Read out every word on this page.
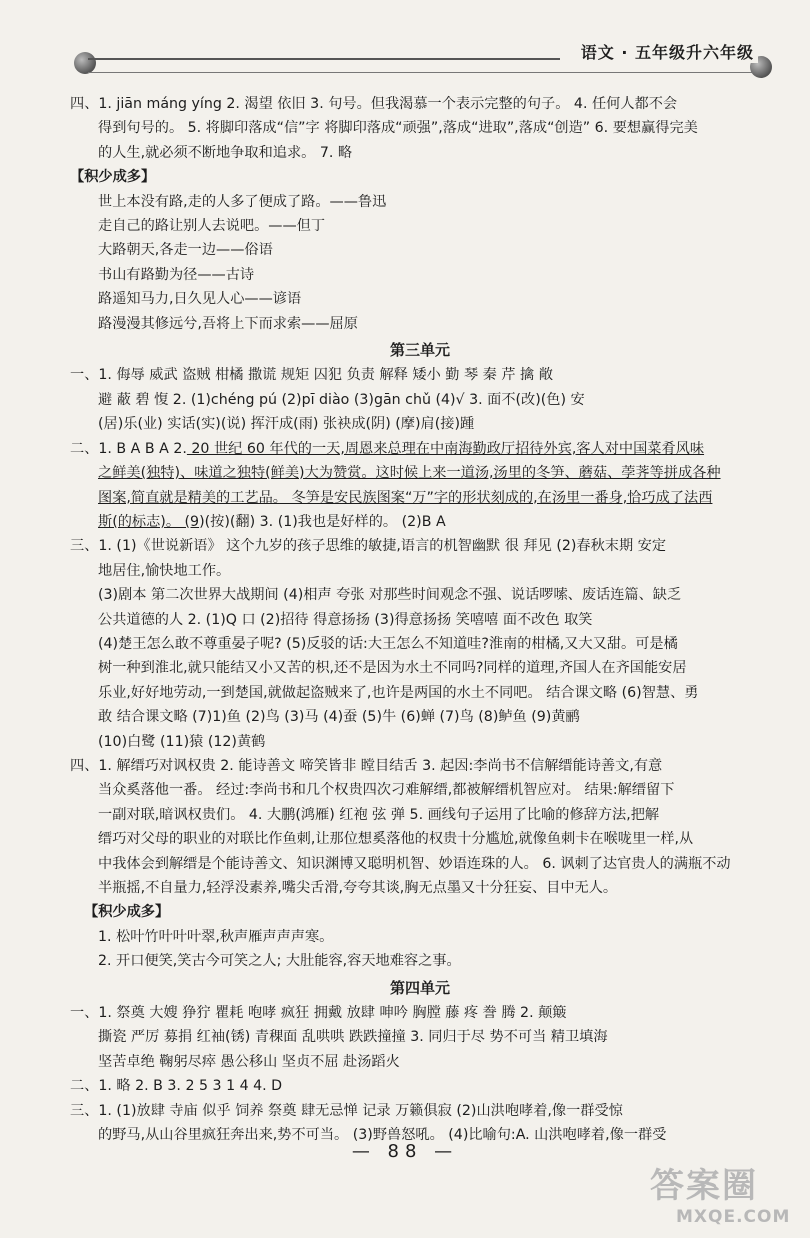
语文 · 五年级升六年级
四、1. jiān máng yíng 2. 渴望 依旧 3. 句号。但我渴慕一个表示完整的句子。 4. 任何人都不会
得到句号的。 5. 将脚印落成“信”字 将脚印落成“顽强”,落成“进取”,落成“创造” 6. 要想赢得完美
的人生,就必须不断地争取和追求。 7. 略
【积少成多】
世上本没有路,走的人多了便成了路。——鲁迅
走自己的路让别人去说吧。——但丁
大路朝天,各走一边——俗语
书山有路勤为径——古诗
路遥知马力,日久见人心——谚语
路漫漫其修远兮,吾将上下而求索——屈原
第三单元
一、1. 侮辱 威武 盗贼 柑橘 撒谎 规矩 囚犯 负责 解释 矮小 勤 琴 秦 芹 擒 敞
避 蔽 碧 愎 2. (1)chéng pú (2)pī diào (3)gān chǔ (4)√ 3. 面不(改)(色) 安
(居)乐(业) 实话(实)(说) 挥汗成(雨) 张袂成(阴) (摩)肩(接)踵
二、1. B A B A 2. 20 世纪 60 年代的一天,周恩来总理在中南海勤政厅招待外宾,客人对中国菜肴风味
之鲜美(独特)、味道之独特(鲜美)大为赞赏。这时候上来一道汤,汤里的冬笋、蘑菇、荸荠等拼成各种
图案,简直就是精美的工艺品。 冬笋是安民族图案“万”字的形状刻成的,在汤里一番身,恰巧成了法西
斯(的标志)。 (9)(按)(翻) 3. (1)我也是好样的。 (2)B A
三、1. (1)《世说新语》 这个九岁的孩子思维的敏捷,语言的机智幽默 很 拜见 (2)春秋末期 安定
地居住,愉快地工作。
(3)剧本 第二次世界大战期间 (4)相声 夸张 对那些时间观念不强、说话啰嗦、废话连篇、缺乏
公共道德的人 2. (1)Q 口 (2)招待 得意扬扬 (3)得意扬扬 笑嘻嘻 面不改色 取笑
(4)楚王怎么敢不尊重晏子呢? (5)反驳的话:大王怎么不知道哇?淮南的柑橘,又大又甜。可是橘
树一种到淮北,就只能结又小又苦的枳,还不是因为水土不同吗?同样的道理,齐国人在齐国能安居
乐业,好好地劳动,一到楚国,就做起盗贼来了,也许是两国的水土不同吧。 结合课文略 (6)智慧、勇
敢 结合课文略 (7)1)鱼 (2)鸟 (3)马 (4)蚕 (5)牛 (6)蝉 (7)鸟 (8)鲈鱼 (9)黄鹂
(10)白鹭 (11)猿 (12)黄鹤
四、1. 解缙巧对讽权贵 2. 能诗善文 啼笑皆非 瞠目结舌 3. 起因:李尚书不信解缙能诗善文,有意
当众奚落他一番。 经过:李尚书和几个权贵四次刁难解缙,都被解缙机智应对。 结果:解缙留下
一副对联,暗讽权贵们。 4. 大鹏(鸿雁) 红袍 弦 弹 5. 画线句子运用了比喻的修辞方法,把解
缙巧对父母的职业的对联比作鱼刺,让那位想奚落他的权贵十分尴尬,就像鱼刺卡在喉咙里一样,从
中我体会到解缙是个能诗善文、知识渊博又聪明机智、妙语连珠的人。 6. 讽刺了达官贵人的满瓶不动
半瓶摇,不自量力,轻浮没素养,嘴尖舌滑,夸夸其谈,胸无点墨又十分狂妄、目中无人。
【积少成多】
1. 松叶竹叶叶叶翠,秋声雁声声声寒。
2. 开口便笑,笑古今可笑之人; 大肚能容,容天地难容之事。
第四单元
一、1. 祭奠 大嫂 狰狞 瞿耗 咆哮 疯狂 拥戴 放肆 呻吟 胸膛 藤 疼 誊 腾 2. 颠簸
撕瓷 严厉 募捐 红袖(锈) 青稞面 乱哄哄 跌跌撞撞 3. 同归于尽 势不可当 精卫填海
坚苦卓绝 鞠躬尽瘁 愚公移山 坚贞不屈 赴汤蹈火
二、1. 略 2. B 3. 2 5 3 1 4 4. D
三、1. (1)放肆 寺庙 似乎 饲养 祭奠 肆无忌惮 记录 万籁俱寂 (2)山洪咆哮着,像一群受惊
的野马,从山谷里疯狂奔出来,势不可当。 (3)野兽怒吼。 (4)比喻句:A. 山洪咆哮着,像一群受
— 88 —
答案圈
MXQE.COM
